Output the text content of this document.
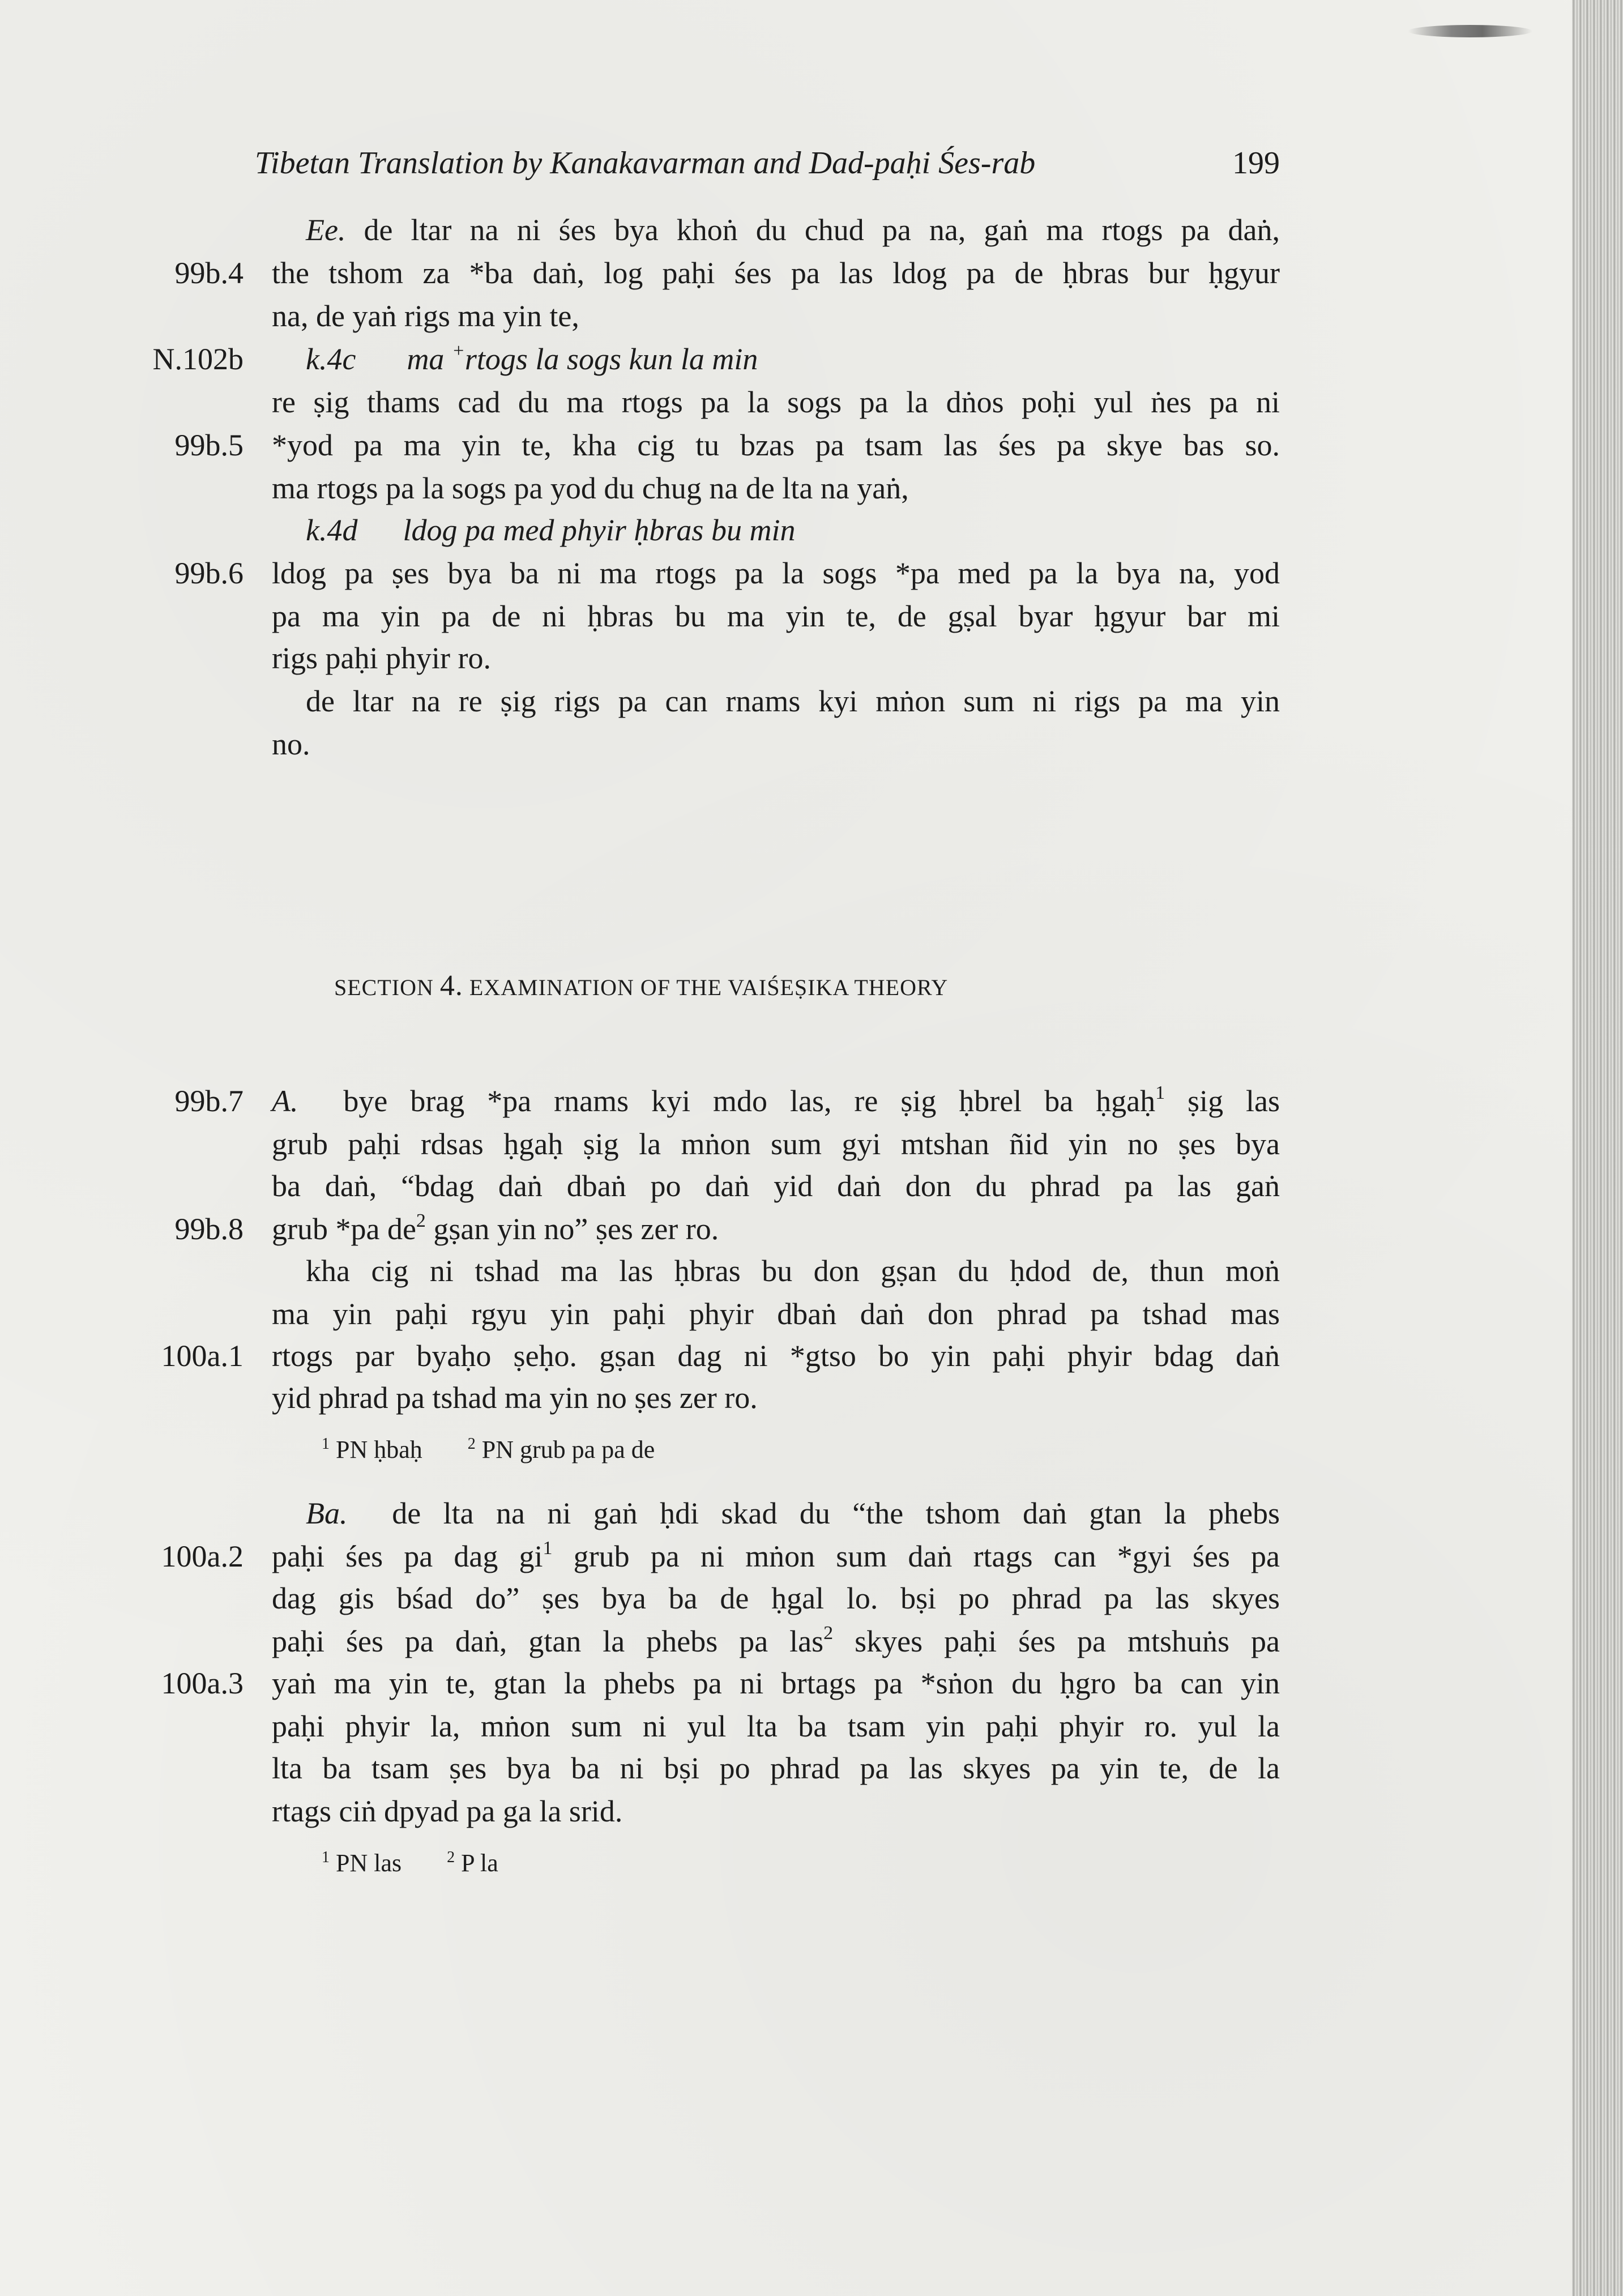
Tibetan Translation by Kanakavarman and Dad-paḥi Śes-rab	199
Ee. de ltar na ni śes bya khoṅ du chud pa na, gaṅ ma rtogs pa daṅ,
99b.4 the tshom za *ba daṅ, log paḥi śes pa las ldog pa de ḥbras bur ḥgyur
na, de yaṅ rigs ma yin te,
N.102b k.4c ma +rtogs la sogs kun la min
re ṣig thams cad du ma rtogs pa la sogs pa la dṅos poḥi yul ṅes pa ni
99b.5 *yod pa ma yin te, kha cig tu bzas pa tsam las śes pa skye bas so.
ma rtogs pa la sogs pa yod du chug na de lta na yaṅ,
k.4d ldog pa med phyir ḥbras bu min
99b.6 ldog pa ṣes bya ba ni ma rtogs pa la sogs *pa med pa la bya na, yod
pa ma yin pa de ni ḥbras bu ma yin te, de gṣal byar ḥgyur bar mi
rigs paḥi phyir ro.
de ltar na re ṣig rigs pa can rnams kyi mṅon sum ni rigs pa ma yin
no.
SECTION 4. EXAMINATION OF THE VAIŚEṢIKA THEORY
99b.7 A. bye brag *pa rnams kyi mdo las, re ṣig ḥbrel ba ḥgaḥ$^1$ ṣig las
grub paḥi rdsas ḥgaḥ ṣig la mṅon sum gyi mtshan ñid yin no ṣes bya
ba daṅ, “bdag daṅ dbaṅ po daṅ yid daṅ don du phrad pa las gaṅ
99b.8 grub *pa $de^2$ gṣan yin no” ṣes zer ro.
kha cig ni tshad ma las ḥbras bu don gṣan du ḥdod de, thun moṅ
ma yin paḥi rgyu yin paḥi phyir dbaṅ daṅ don phrad pa tshad mas
100a.1 rtogs par byaḥo ṣeḥo. gṣan dag ni *gtso bo yin paḥi phyir bdag daṅ
yid phrad pa tshad ma yin no ṣes zer ro.
$^1$ PN ḥbaḥ	$^2$ PN grub pa pa de
Ba. de lta na ni gaṅ ḥdi skad du “the tshom daṅ gtan la phebs
100a.2 paḥi śes pa dag $gi^1$ grub pa ni mṅon sum daṅ rtags can *gyi śes pa
dag gis bśad do” ṣes bya ba de ḥgal lo. bṣi po phrad pa las skyes
paḥi śes pa daṅ, gtan la phebs pa las$^2$ skyes paḥi śes pa mtshuṅs pa
100a.3 yaṅ ma yin te, gtan la phebs pa ni brtags pa *sṅon du ḥgro ba can yin
paḥi phyir la, mṅon sum ni yul lta ba tsam yin paḥi phyir ro. yul la
lta ba tsam ṣes bya ba ni bṣi po phrad pa las skyes pa yin te, de la
rtags ciṅ dpyad pa ga la srid.
$^1$ PN las	$^2$ P la
